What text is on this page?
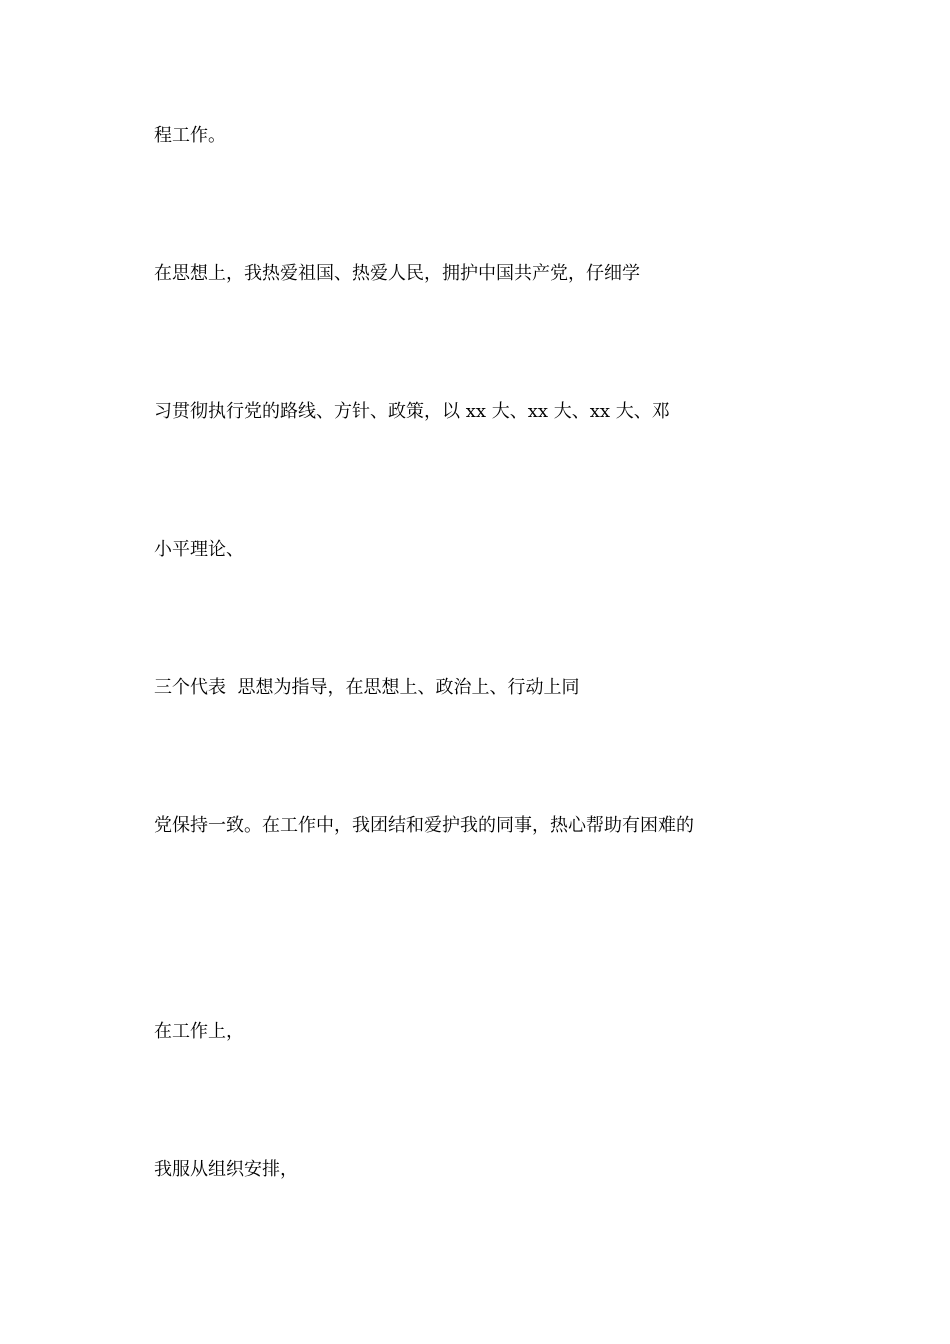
程工作。

在思想上，我热爱祖国、热爱人民，拥护中国共产党，仔细学

习贯彻执行党的路线、方针、政策，以 xx 大、xx 大、xx 大、邓

小平理论、

三个代表  思想为指导，在思想上、政治上、行动上同

党保持一致。在工作中，我团结和爱护我的同事，热心帮助有困难的

在工作上，

我服从组织安排，
